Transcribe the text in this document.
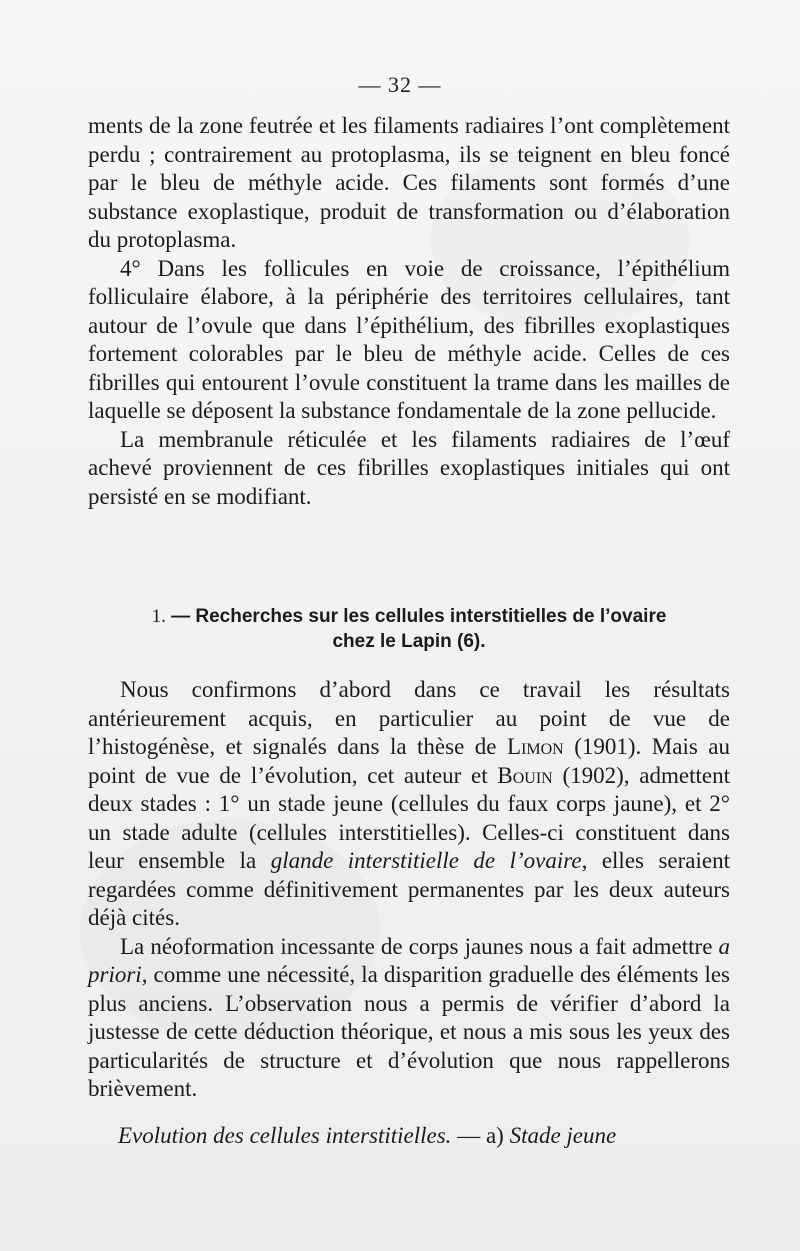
— 32 —

ments de la zone feutrée et les filaments radiaires l’ont complètement perdu ; contrairement au protoplasma, ils se teignent en bleu foncé par le bleu de méthyle acide. Ces filaments sont formés d’une substance exoplastique, produit de transformation ou d’élaboration du protoplasma.

4° Dans les follicules en voie de croissance, l’épithélium folliculaire élabore, à la périphérie des territoires cellulaires, tant autour de l’ovule que dans l’épithélium, des fibrilles exoplastiques fortement colorables par le bleu de méthyle acide. Celles de ces fibrilles qui entourent l’ovule constituent la trame dans les mailles de laquelle se déposent la substance fondamentale de la zone pellucide.

La membranule réticulée et les filaments radiaires de l’œuf achevé proviennent de ces fibrilles exoplastiques initiales qui ont persisté en se modifiant.

1. — Recherches sur les cellules interstitielles de l’ovaire
chez le Lapin (6).

Nous confirmons d’abord dans ce travail les résultats antérieurement acquis, en particulier au point de vue de l’histogénèse, et signalés dans la thèse de Limon (1901). Mais au point de vue de l’évolution, cet auteur et Bouin (1902), admettent deux stades : 1° un stade jeune (cellules du faux corps jaune), et 2° un stade adulte (cellules interstitielles). Celles-ci constituent dans leur ensemble la glande interstitielle de l’ovaire, elles seraient regardées comme définitivement permanentes par les deux auteurs déjà cités.

La néoformation incessante de corps jaunes nous a fait admettre a priori, comme une nécessité, la disparition graduelle des éléments les plus anciens. L’observation nous a permis de vérifier d’abord la justesse de cette déduction théorique, et nous a mis sous les yeux des particularités de structure et d’évolution que nous rappellerons brièvement.

Evolution des cellules interstitielles. — a) Stade jeune
